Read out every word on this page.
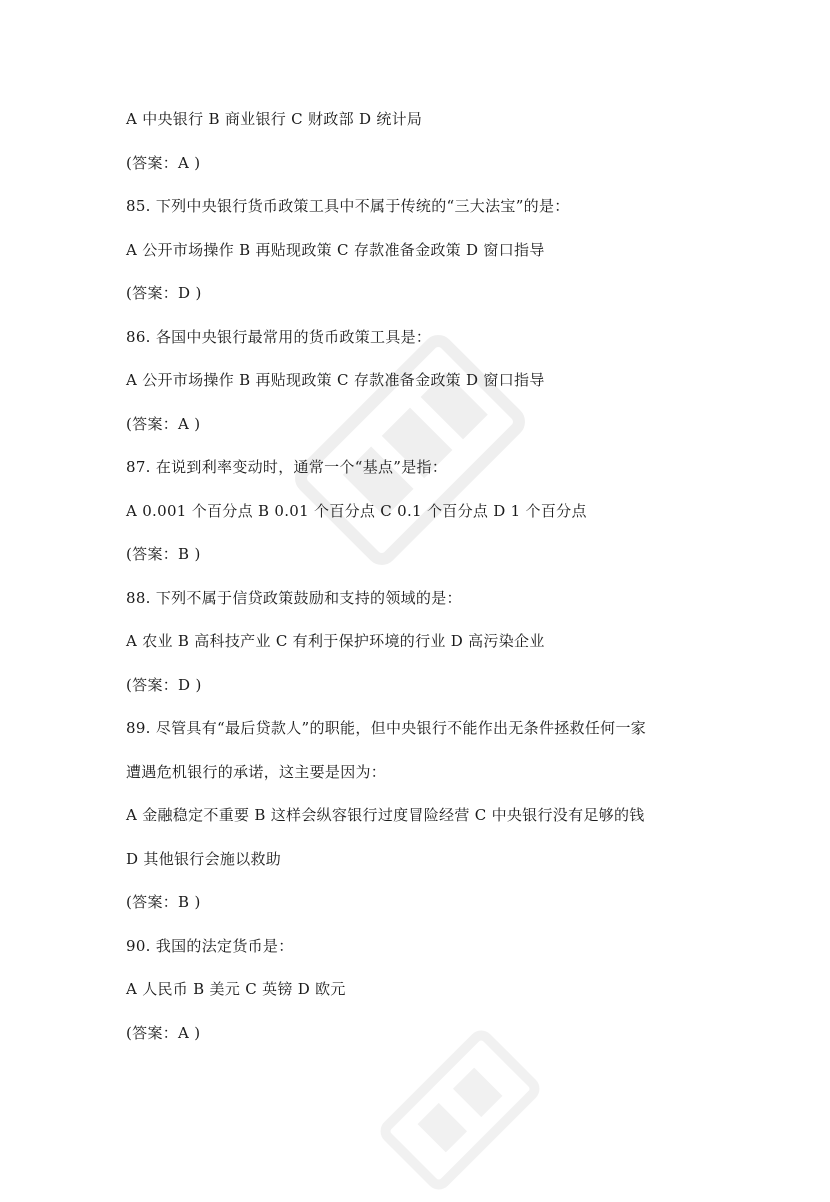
A 中央银行 B 商业银行 C 财政部 D 统计局
(答案：A )
85. 下列中央银行货币政策工具中不属于传统的“三大法宝”的是：
A 公开市场操作 B 再贴现政策 C 存款准备金政策 D 窗口指导
(答案：D )
86. 各国中央银行最常用的货币政策工具是：
A 公开市场操作 B 再贴现政策 C 存款准备金政策 D 窗口指导
(答案：A )
87. 在说到利率变动时，通常一个“基点”是指：
A 0.001 个百分点 B 0.01 个百分点 C 0.1 个百分点 D 1 个百分点
(答案：B )
88. 下列不属于信贷政策鼓励和支持的领域的是：
A 农业 B 高科技产业 C 有利于保护环境的行业 D 高污染企业
(答案：D )
89. 尽管具有“最后贷款人”的职能，但中央银行不能作出无条件拯救任何一家
遭遇危机银行的承诺，这主要是因为：
A 金融稳定不重要 B 这样会纵容银行过度冒险经营 C 中央银行没有足够的钱
D 其他银行会施以救助
(答案：B )
90. 我国的法定货币是：
A 人民币 B 美元 C 英镑 D 欧元
(答案：A )
